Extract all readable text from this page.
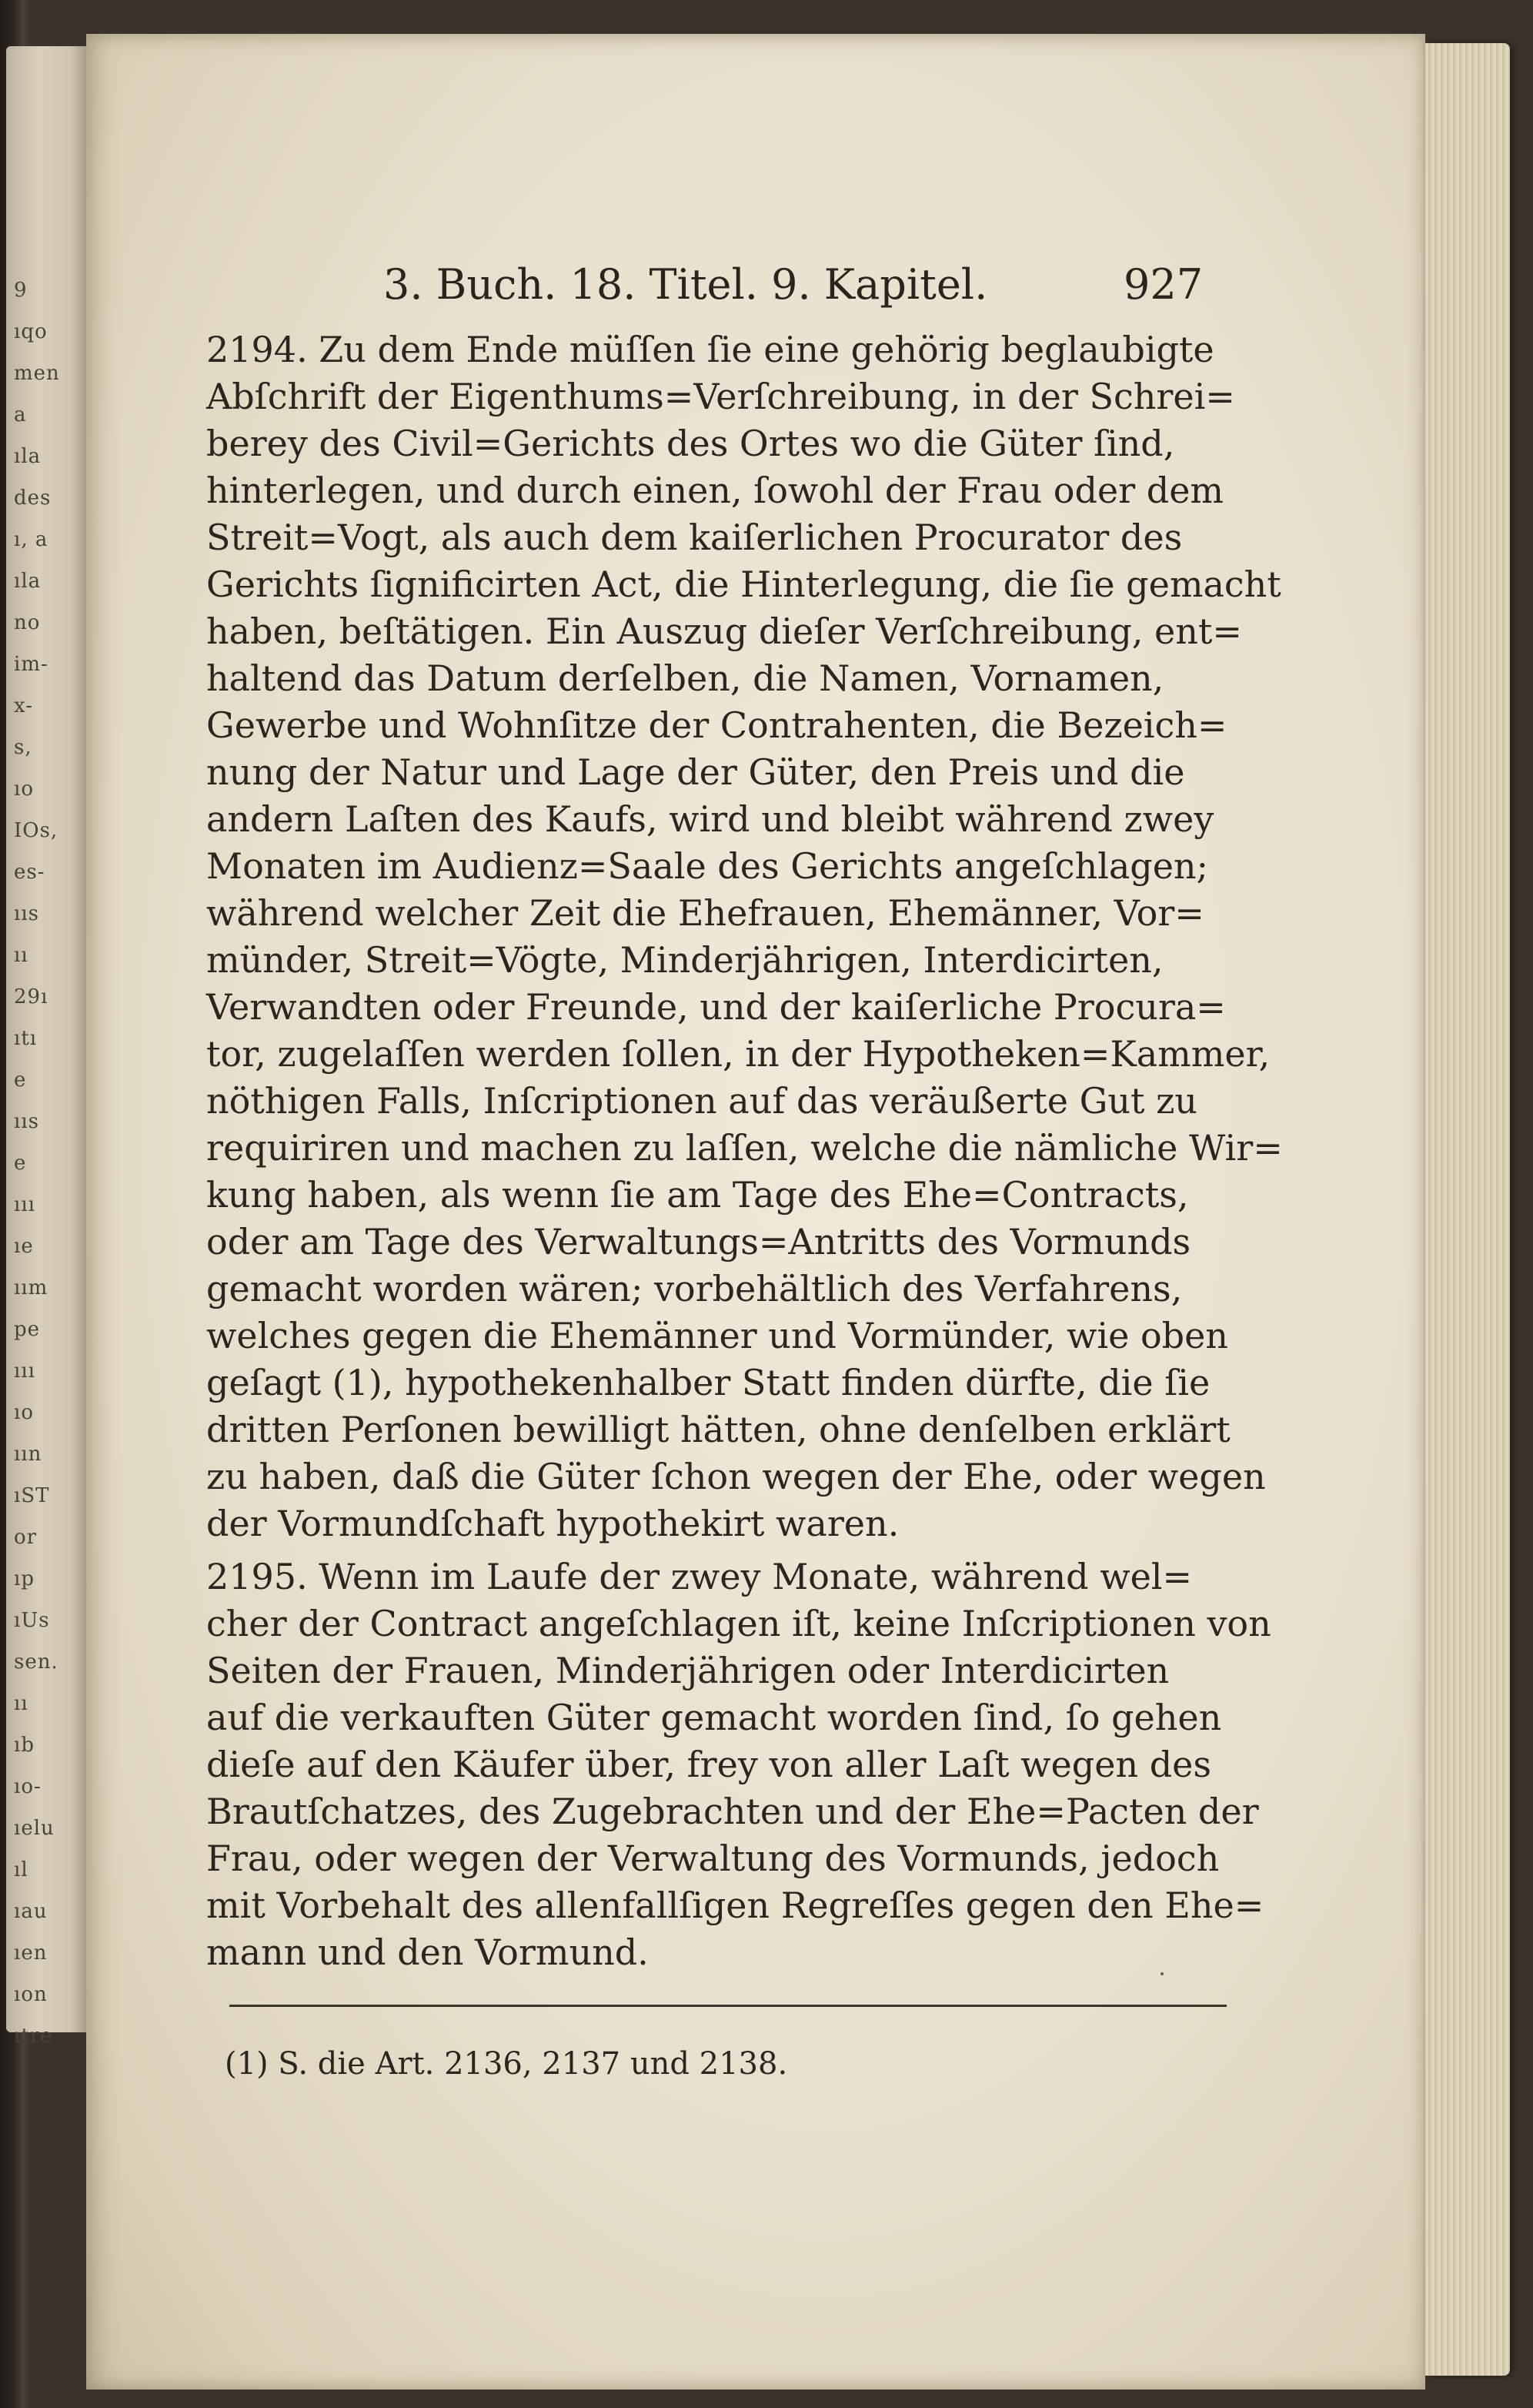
9
ıqo
men
a
ıla
des
ı, a
ıla
no
im-
x-
s,
ıo
IOs,
es-
ııs
ıı
29ı
ıtı
e
ııs
e
ııı
ıe
ıım
pe
ııı
ıo
ıın
ıST
or
ıp
ıUs
sen.
ıı
ıb
ıo-
ıelu
ıl
ıau
ıen
ıon
ıtre
3. Buch. 18. Titel. 9. Kapitel.	927
2194. Zu dem Ende müſſen ſie eine gehörig beglaubigte
Abſchrift der Eigenthums=Verſchreibung, in der Schrei=
berey des Civil=Gerichts des Ortes wo die Güter ſind,
hinterlegen, und durch einen, ſowohl der Frau oder dem
Streit=Vogt, als auch dem kaiſerlichen Procurator des
Gerichts ſignificirten Act, die Hinterlegung, die ſie gemacht
haben, beſtätigen. Ein Auszug dieſer Verſchreibung, ent=
haltend das Datum derſelben, die Namen, Vornamen,
Gewerbe und Wohnſitze der Contrahenten, die Bezeich=
nung der Natur und Lage der Güter, den Preis und die
andern Laſten des Kaufs, wird und bleibt während zwey
Monaten im Audienz=Saale des Gerichts angeſchlagen;
während welcher Zeit die Ehefrauen, Ehemänner, Vor=
münder, Streit=Vögte, Minderjährigen, Interdicirten,
Verwandten oder Freunde, und der kaiſerliche Procura=
tor, zugelaſſen werden ſollen, in der Hypotheken=Kammer,
nöthigen Falls, Inſcriptionen auf das veräußerte Gut zu
requiriren und machen zu laſſen, welche die nämliche Wir=
kung haben, als wenn ſie am Tage des Ehe=Contracts,
oder am Tage des Verwaltungs=Antritts des Vormunds
gemacht worden wären; vorbehältlich des Verfahrens,
welches gegen die Ehemänner und Vormünder, wie oben
geſagt (1), hypothekenhalber Statt finden dürfte, die ſie
dritten Perſonen bewilligt hätten, ohne denſelben erklärt
zu haben, daß die Güter ſchon wegen der Ehe, oder wegen
der Vormundſchaft hypothekirt waren.
2195. Wenn im Laufe der zwey Monate, während wel=
cher der Contract angeſchlagen iſt, keine Inſcriptionen von
Seiten der Frauen, Minderjährigen oder Interdicirten
auf die verkauften Güter gemacht worden ſind, ſo gehen
dieſe auf den Käufer über, frey von aller Laſt wegen des
Brautſchatzes, des Zugebrachten und der Ehe=Pacten der
Frau, oder wegen der Verwaltung des Vormunds, jedoch
mit Vorbehalt des allenfallſigen Regreſſes gegen den Ehe=
mann und den Vormund.
(1) S. die Art. 2136, 2137 und 2138.
